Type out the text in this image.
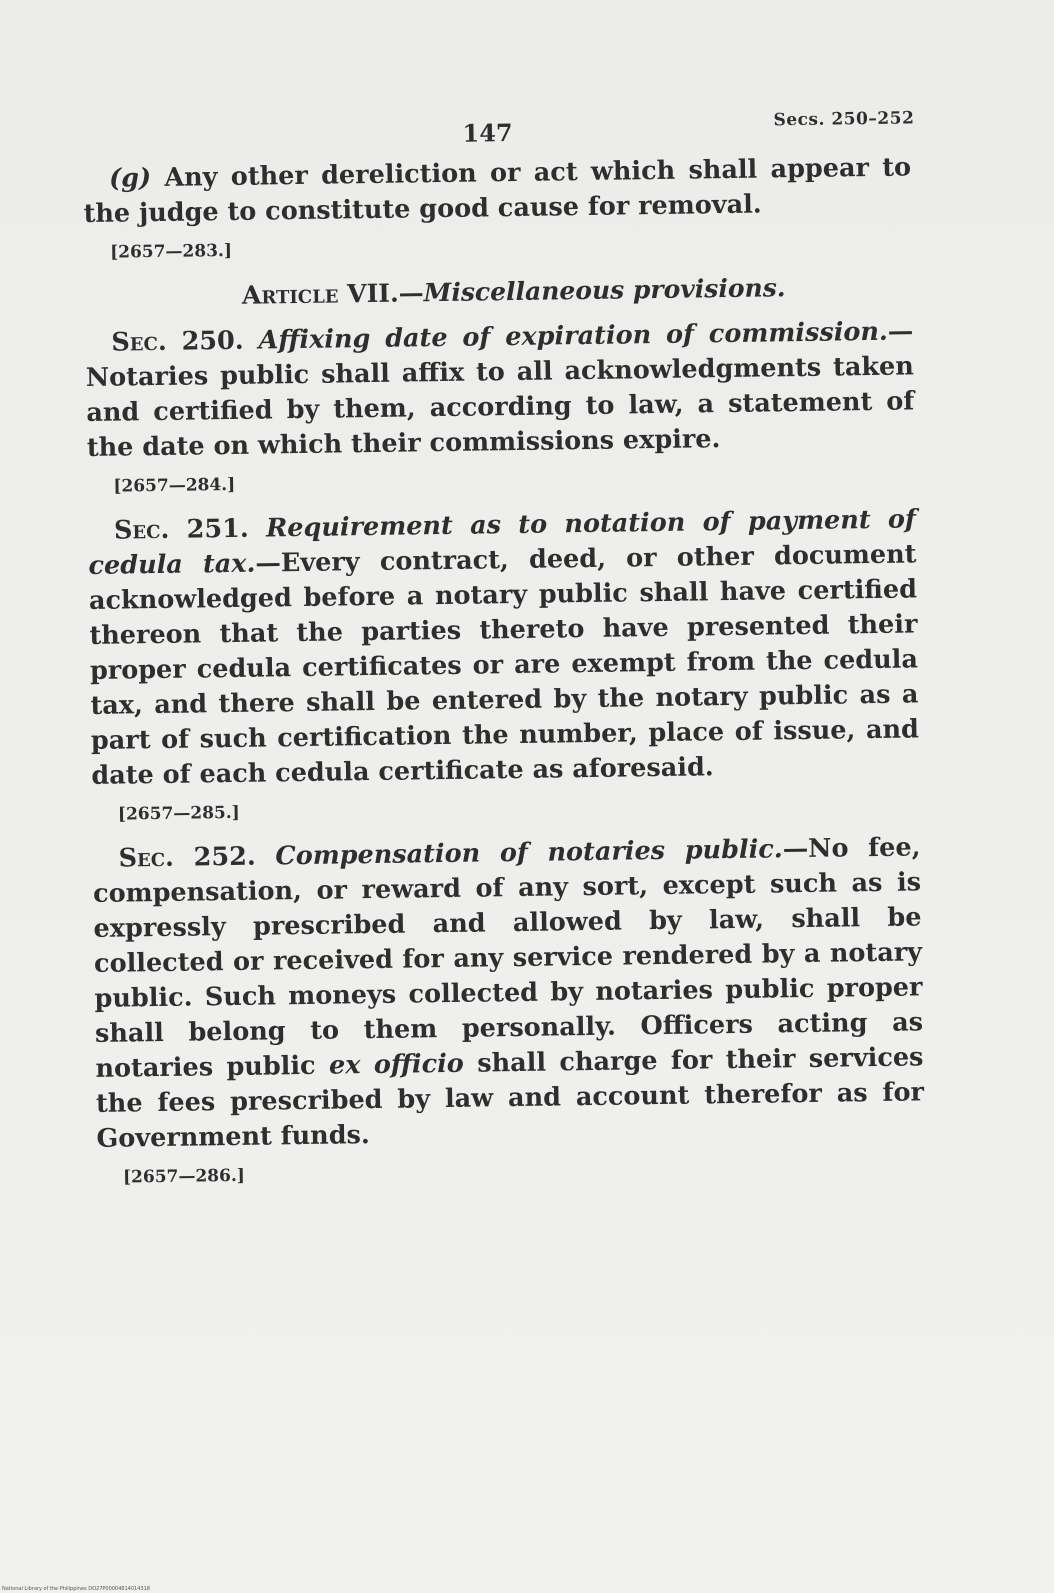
147	Secs. 250–252

(g) Any other dereliction or act which shall appear to the judge to constitute good cause for removal.

[2657—283.]
Article VII.—Miscellaneous provisions.

Sec. 250. Affixing date of expiration of commission.— Notaries public shall affix to all acknowledgments taken and certified by them, according to law, a statement of the date on which their commissions expire.

[2657—284.]

Sec. 251. Requirement as to notation of payment of cedula tax.—Every contract, deed, or other document acknowledged before a notary public shall have certified thereon that the parties thereto have presented their proper cedula certificates or are exempt from the cedula tax, and there shall be entered by the notary public as a part of such certification the number, place of issue, and date of each cedula certificate as aforesaid.

[2657—285.]

Sec. 252. Compensation of notaries public.—No fee, compensation, or reward of any sort, except such as is expressly prescribed and allowed by law, shall be collected or received for any service rendered by a notary public. Such moneys collected by notaries public proper shall belong to them personally. Officers acting as notaries public ex officio shall charge for their services the fees prescribed by law and account therefor as for Government funds.

[2657—286.]
National Library of the Philippines DO27P00004814014318
